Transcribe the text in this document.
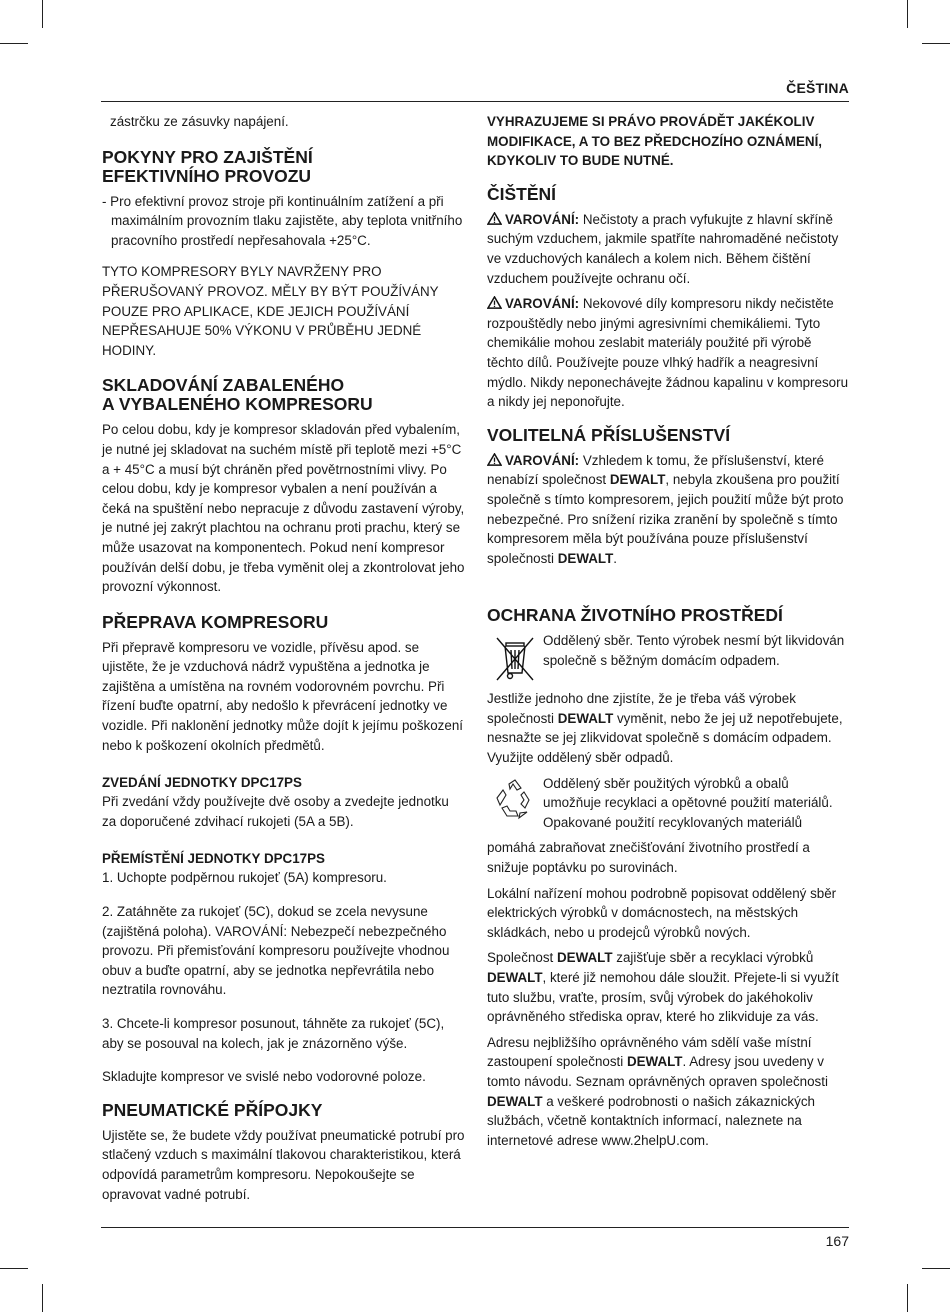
ČEŠTINA

zástrčku ze zásuvky napájení.

POKYNY PRO ZAJIŠTĚNÍ
EFEKTIVNÍHO PROVOZU

- Pro efektivní provoz stroje při kontinuálním zatížení a při maximálním provozním tlaku zajistěte, aby teplota vnitřního pracovního prostředí nepřesahovala +25°C.

TYTO KOMPRESORY BYLY NAVRŽENY PRO PŘERUŠOVANÝ PROVOZ. MĚLY BY BÝT POUŽÍVÁNY POUZE PRO APLIKACE, KDE JEJICH POUŽÍVÁNÍ NEPŘESAHUJE 50% VÝKONU V PRŮBĚHU JEDNÉ HODINY.

SKLADOVÁNÍ ZABALENÉHO
A VYBALENÉHO KOMPRESORU

Po celou dobu, kdy je kompresor skladován před vybalením, je nutné jej skladovat na suchém místě při teplotě mezi +5°C a + 45°C a musí být chráněn před povětrnostními vlivy. Po celou dobu, kdy je kompresor vybalen a není používán a čeká na spuštění nebo nepracuje z důvodu zastavení výroby, je nutné jej zakrýt plachtou na ochranu proti prachu, který se může usazovat na komponentech. Pokud není kompresor používán delší dobu, je třeba vyměnit olej a zkontrolovat jeho provozní výkonnost.

PŘEPRAVA KOMPRESORU

Při přepravě kompresoru ve vozidle, přívěsu apod. se ujistěte, že je vzduchová nádrž vypuštěna a jednotka je zajištěna a umístěna na rovném vodorovném povrchu. Při řízení buďte opatrní, aby nedošlo k převrácení jednotky ve vozidle. Při naklonění jednotky může dojít k jejímu poškození nebo k poškození okolních předmětů.

ZVEDÁNÍ JEDNOTKY DPC17PS

Při zvedání vždy používejte dvě osoby a zvedejte jednotku za doporučené zdvihací rukojeti (5A a 5B).

PŘEMÍSTĚNÍ JEDNOTKY DPC17PS

1. Uchopte podpěrnou rukojeť (5A) kompresoru.

2. Zatáhněte za rukojeť (5C), dokud se zcela nevysune (zajištěná poloha). VAROVÁNÍ: Nebezpečí nebezpečného provozu. Při přemisťování kompresoru používejte vhodnou obuv a buďte opatrní, aby se jednotka nepřevrátila nebo neztratila rovnováhu.

3. Chcete-li kompresor posunout, táhněte za rukojeť (5C), aby se posouval na kolech, jak je znázorněno výše.

Skladujte kompresor ve svislé nebo vodorovné poloze.

PNEUMATICKÉ PŘÍPOJKY

Ujistěte se, že budete vždy používat pneumatické potrubí pro stlačený vzduch s maximální tlakovou charakteristikou, která odpovídá parametrům kompresoru. Nepokoušejte se opravovat vadné potrubí.

VYHRAZUJEME SI PRÁVO PROVÁDĚT JAKÉKOLIV MODIFIKACE, A TO BEZ PŘEDCHOZÍHO OZNÁMENÍ, KDYKOLIV TO BUDE NUTNÉ.

ČIŠTĚNÍ

VAROVÁNÍ: Nečistoty a prach vyfukujte z hlavní skříně suchým vzduchem, jakmile spatříte nahromaděné nečistoty ve vzduchových kanálech a kolem nich. Během čištění vzduchem používejte ochranu očí.

VAROVÁNÍ: Nekovové díly kompresoru nikdy nečistěte rozpouštědly nebo jinými agresivními chemikáliemi. Tyto chemikálie mohou zeslabit materiály použité při výrobě těchto dílů. Používejte pouze vlhký hadřík a neagresivní mýdlo. Nikdy neponechávejte žádnou kapalinu v kompresoru a nikdy jej neponořujte.

VOLITELNÁ PŘÍSLUŠENSTVÍ

VAROVÁNÍ: Vzhledem k tomu, že příslušenství, které nenabízí společnost DEWALT, nebyla zkoušena pro použití společně s tímto kompresorem, jejich použití může být proto nebezpečné. Pro snížení rizika zranění by společně s tímto kompresorem měla být používána pouze příslušenství společnosti DEWALT.

OCHRANA ŽIVOTNÍHO PROSTŘEDÍ
Oddělený sběr. Tento výrobek nesmí být likvidován společně s běžným domácím odpadem.

Jestliže jednoho dne zjistíte, že je třeba váš výrobek společnosti DEWALT vyměnit, nebo že jej už nepotřebujete, nesnažte se jej zlikvidovat společně s domácím odpadem. Využijte oddělený sběr odpadů.

Oddělený sběr použitých výrobků a obalů umožňuje recyklaci a opětovné použití materiálů. Opakované použití recyklovaných materiálů

pomáhá zabraňovat znečišťování životního prostředí a snižuje poptávku po surovinách.

Lokální nařízení mohou podrobně popisovat oddělený sběr elektrických výrobků v domácnostech, na městských skládkách, nebo u prodejců výrobků nových.

Společnost DEWALT zajišťuje sběr a recyklaci výrobků DEWALT, které již nemohou dále sloužit. Přejete-li si využít tuto službu, vraťte, prosím, svůj výrobek do jakéhokoliv oprávněného střediska oprav, které ho zlikviduje za vás.

Adresu nejbližšího oprávněného vám sdělí vaše místní zastoupení společnosti DEWALT. Adresy jsou uvedeny v tomto návodu. Seznam oprávněných opraven společnosti DEWALT a veškeré podrobnosti o našich zákaznických službách, včetně kontaktních informací, naleznete na internetové adrese www.2helpU.com.

167
